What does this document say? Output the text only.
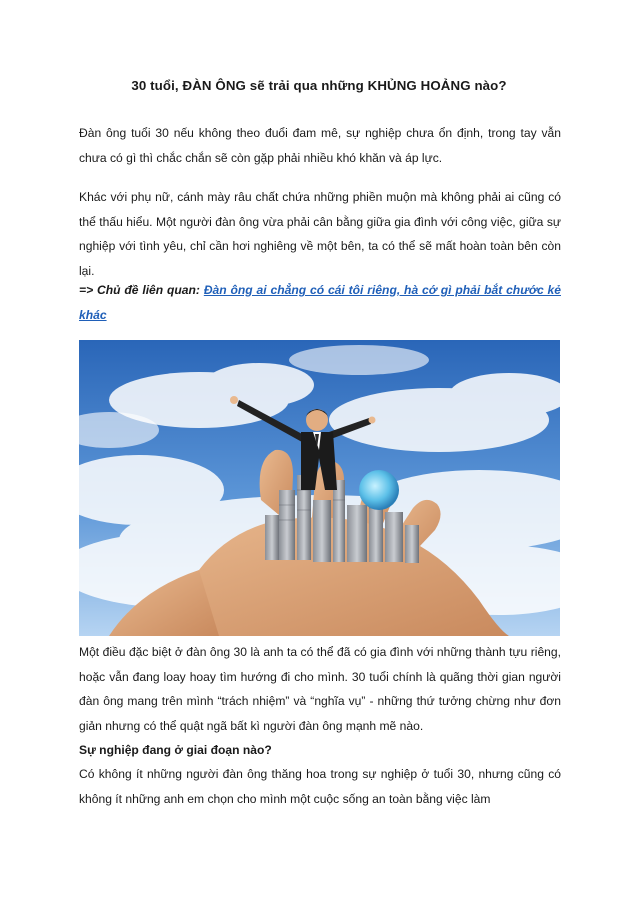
30 tuổi, ĐÀN ÔNG sẽ trải qua những KHỦNG HOẢNG nào?

Đàn ông tuổi 30 nếu không theo đuổi đam mê, sự nghiệp chưa ổn định, trong tay vẫn chưa có gì thì chắc chắn sẽ còn gặp phải nhiều khó khăn và áp lực.

Khác với phụ nữ, cánh mày râu chất chứa những phiền muộn mà không phải ai cũng có thể thấu hiểu. Một người đàn ông vừa phải cân bằng giữa gia đình với công việc, giữa sự nghiệp với tình yêu, chỉ cần hơi nghiêng về một bên, ta có thể sẽ mất hoàn toàn bên còn lại.

=> Chủ đề liên quan: Đàn ông ai chẳng có cái tôi riêng, hà cớ gì phải bắt chước kẻ khác

Một điều đặc biệt ở đàn ông 30 là anh ta có thể đã có gia đình với những thành tựu riêng, hoặc vẫn đang loay hoay tìm hướng đi cho mình. 30 tuổi chính là quãng thời gian người đàn ông mang trên mình “trách nhiệm” và “nghĩa vụ” - những thứ tưởng chừng như đơn giản nhưng có thể quật ngã bất kì người đàn ông mạnh mẽ nào.

Sự nghiệp đang ở giai đoạn nào?

Có không ít những người đàn ông thăng hoa trong sự nghiệp ở tuổi 30, nhưng cũng có không ít những anh em chọn cho mình một cuộc sống an toàn bằng việc làm
